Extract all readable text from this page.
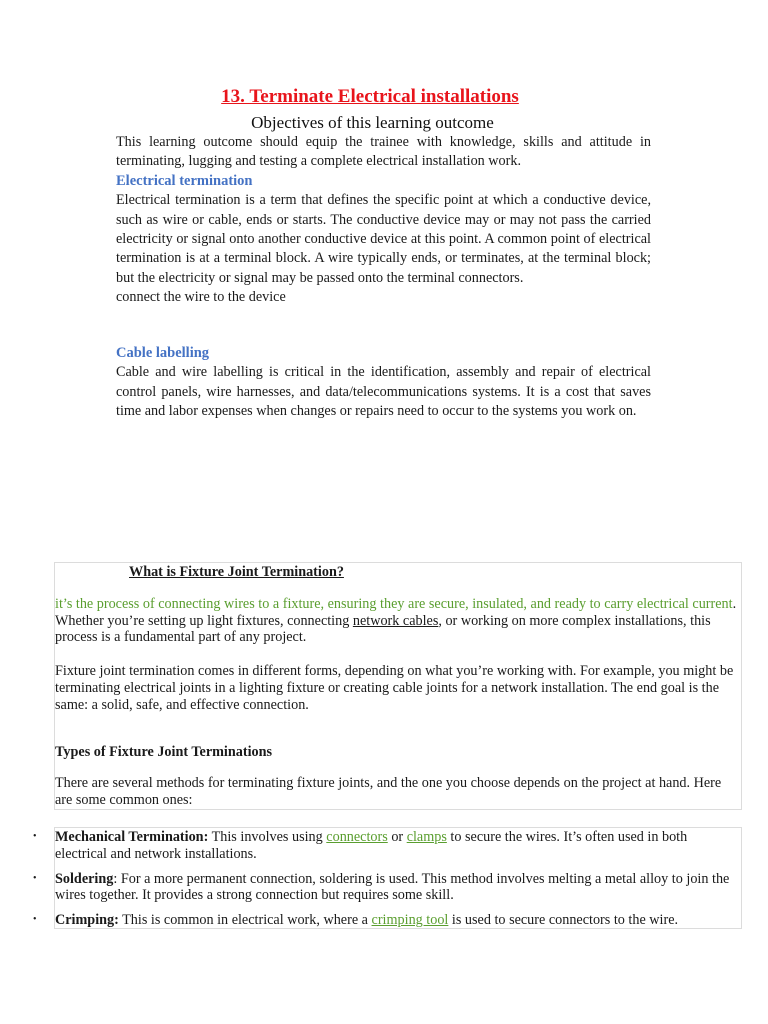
13. Terminate Electrical installations
Objectives of this learning outcome

This learning outcome should equip the trainee with knowledge, skills and attitude in terminating, lugging and testing a complete electrical installation work.

Electrical termination

Electrical termination is a term that defines the specific point at which a conductive device, such as wire or cable, ends or starts. The conductive device may or may not pass the carried electricity or signal onto another conductive device at this point. A common point of electrical termination is at a terminal block. A wire typically ends, or terminates, at the terminal block; but the electricity or signal may be passed onto the terminal connectors.

connect the wire to the device

Cable labelling

Cable and wire labelling is critical in the identification, assembly and repair of electrical control panels, wire harnesses, and data/telecommunications systems. It is a cost that saves time and labor expenses when changes or repairs need to occur to the systems you work on.

What is Fixture Joint Termination?

it’s the process of connecting wires to a fixture, ensuring they are secure, insulated, and ready to carry electrical current. Whether you’re setting up light fixtures, connecting network cables, or working on more complex installations, this process is a fundamental part of any project.

Fixture joint termination comes in different forms, depending on what you’re working with. For example, you might be terminating electrical joints in a lighting fixture or creating cable joints for a network installation. The end goal is the same: a solid, safe, and effective connection.

Types of Fixture Joint Terminations

There are several methods for terminating fixture joints, and the one you choose depends on the project at hand. Here are some common ones:

• Mechanical Termination: This involves using connectors or clamps to secure the wires. It’s often used in both electrical and network installations.
• Soldering: For a more permanent connection, soldering is used. This method involves melting a metal alloy to join the wires together. It provides a strong connection but requires some skill.
• Crimping: This is common in electrical work, where a crimping tool is used to secure connectors to the wire.
